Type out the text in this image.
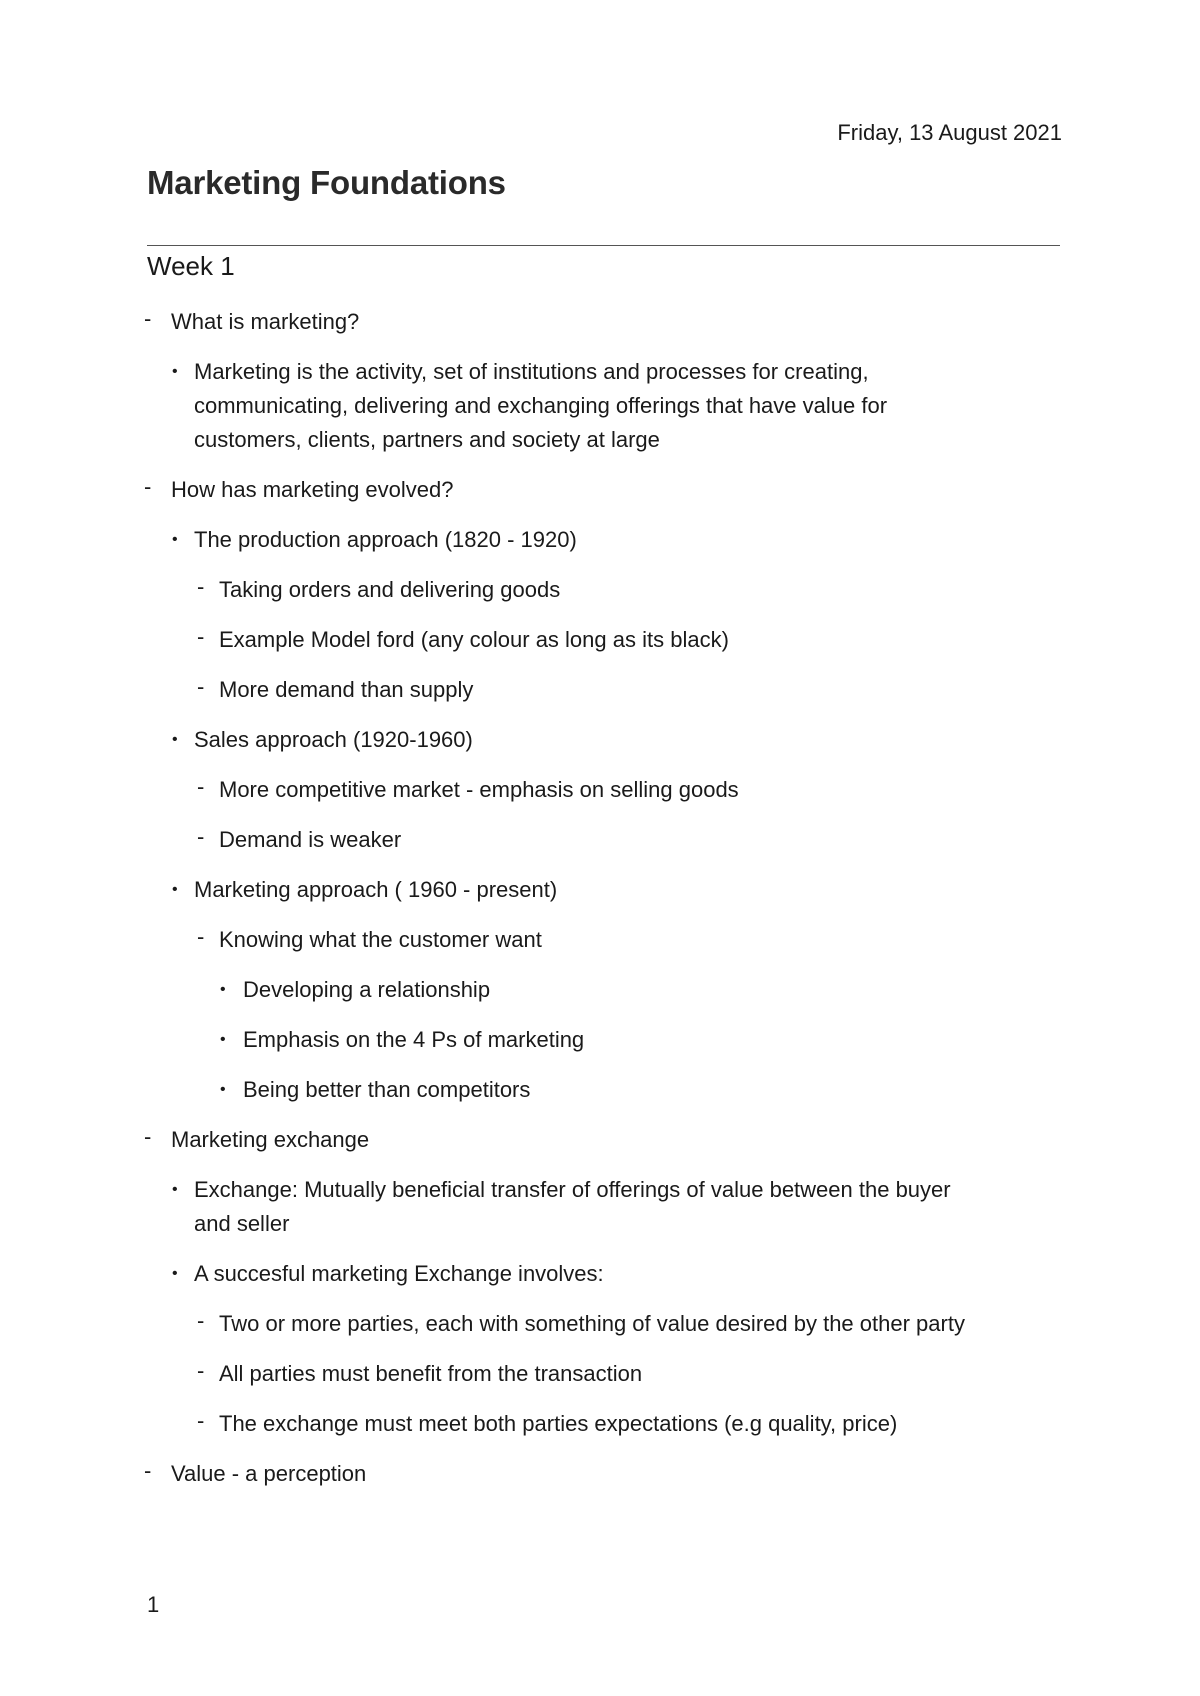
Friday, 13 August 2021
Marketing Foundations
Week 1
- What is marketing?
• Marketing is the activity, set of institutions and processes for creating,
communicating, delivering and exchanging offerings that have value for
customers, clients, partners and society at large
- How has marketing evolved?
• The production approach (1820 - 1920)
- Taking orders and delivering goods
- Example Model ford (any colour as long as its black)
- More demand than supply
• Sales approach (1920-1960)
- More competitive market - emphasis on selling goods
- Demand is weaker
• Marketing approach ( 1960 - present)
- Knowing what the customer want
• Developing a relationship
• Emphasis on the 4 Ps of marketing
• Being better than competitors
- Marketing exchange
• Exchange: Mutually beneficial transfer of offerings of value between the buyer
and seller
• A succesful marketing Exchange involves:
- Two or more parties, each with something of value desired by the other party
- All parties must benefit from the transaction
- The exchange must meet both parties expectations (e.g quality, price)
- Value - a perception
1
